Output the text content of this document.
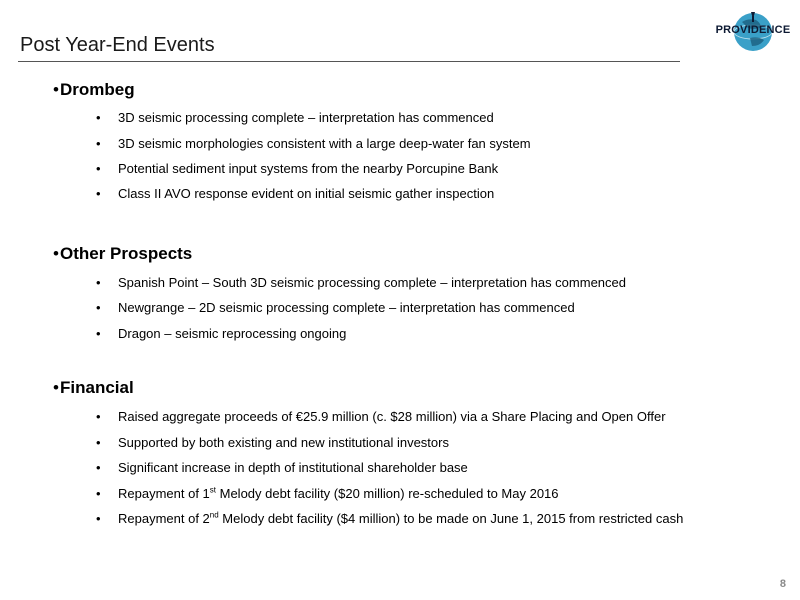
Post Year-End Events
PROVIDENCE
• Drombeg
• 3D seismic processing complete – interpretation has commenced
• 3D seismic morphologies consistent with a large deep-water fan system
• Potential sediment input systems from the nearby Porcupine Bank
• Class II AVO response evident on initial seismic gather inspection
• Other Prospects
• Spanish Point – South 3D seismic processing complete – interpretation has commenced
• Newgrange – 2D seismic processing complete – interpretation has commenced
• Dragon – seismic reprocessing ongoing
• Financial
• Raised aggregate proceeds of €25.9 million (c. $28 million) via a Share Placing and Open Offer
• Supported by both existing and new institutional investors
• Significant increase in depth of institutional shareholder base
• Repayment of 1st Melody debt facility ($20 million) re-scheduled to May 2016
• Repayment of 2nd Melody debt facility ($4 million) to be made on June 1, 2015 from restricted cash
8
